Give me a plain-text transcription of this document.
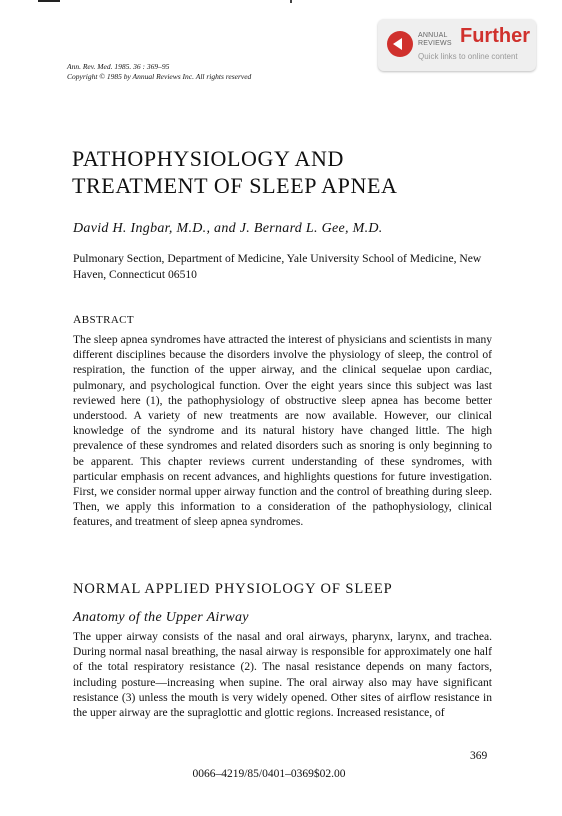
ANNUAL
REVIEWS Further
Quick links to online content
Ann. Rev. Med. 1985. 36 : 369–95
Copyright © 1985 by Annual Reviews Inc. All rights reserved
PATHOPHYSIOLOGY AND
TREATMENT OF SLEEP APNEA
David H. Ingbar, M.D., and J. Bernard L. Gee, M.D.
Pulmonary Section, Department of Medicine, Yale University School of Medicine, New Haven, Connecticut 06510
ABSTRACT

The sleep apnea syndromes have attracted the interest of physicians and scientists in many different disciplines because the disorders involve the physiology of sleep, the control of respiration, the function of the upper airway, and the clinical sequelae upon cardiac, pulmonary, and psychological function. Over the eight years since this subject was last reviewed here (1), the pathophysiology of obstructive sleep apnea has become better understood. A variety of new treatments are now available. However, our clinical knowledge of the syndrome and its natural history have changed little. The high prevalence of these syndromes and related disorders such as snoring is only beginning to be apparent. This chapter reviews current understanding of these syndromes, with particular emphasis on recent advances, and highlights questions for future investigation. First, we consider normal upper airway function and the control of breathing during sleep. Then, we apply this information to a consideration of the pathophysiology, clinical features, and treatment of sleep apnea syndromes.

NORMAL APPLIED PHYSIOLOGY OF SLEEP
Anatomy of the Upper Airway

The upper airway consists of the nasal and oral airways, pharynx, larynx, and trachea. During normal nasal breathing, the nasal airway is responsible for approximately one half of the total respiratory resistance (2). The nasal resistance depends on many factors, including posture—increasing when supine. The oral airway also may have significant resistance (3) unless the mouth is very widely opened. Other sites of airflow resistance in the upper airway are the supraglottic and glottic regions. Increased resistance, of

369
0066–4219/85/0401–0369$02.00
